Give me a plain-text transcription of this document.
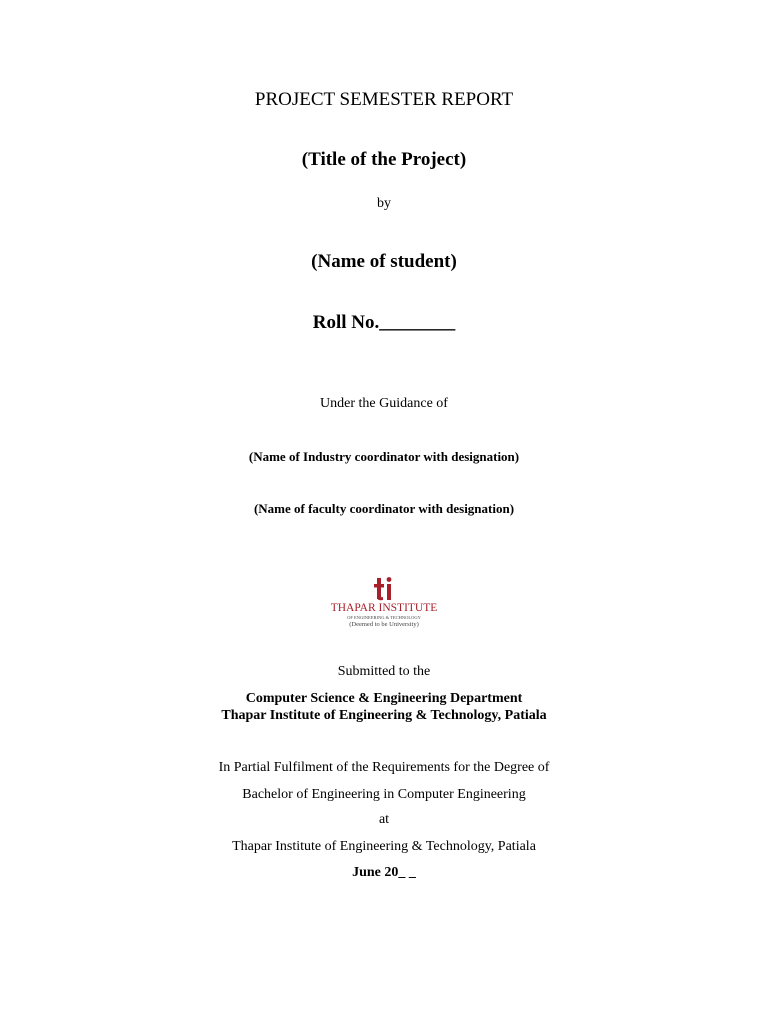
PROJECT SEMESTER REPORT
(Title of the Project)
by
(Name of student)
Roll No.________
Under the Guidance of
(Name of Industry coordinator with designation)
(Name of faculty coordinator with designation)
THAPAR INSTITUTE
OF ENGINEERING & TECHNOLOGY
(Deemed to be University)
Submitted to the
Computer Science & Engineering Department
Thapar Institute of Engineering & Technology, Patiala
In Partial Fulfilment of the Requirements for the Degree of
Bachelor of Engineering in Computer Engineering
at
Thapar Institute of Engineering & Technology, Patiala
June 20_ _
